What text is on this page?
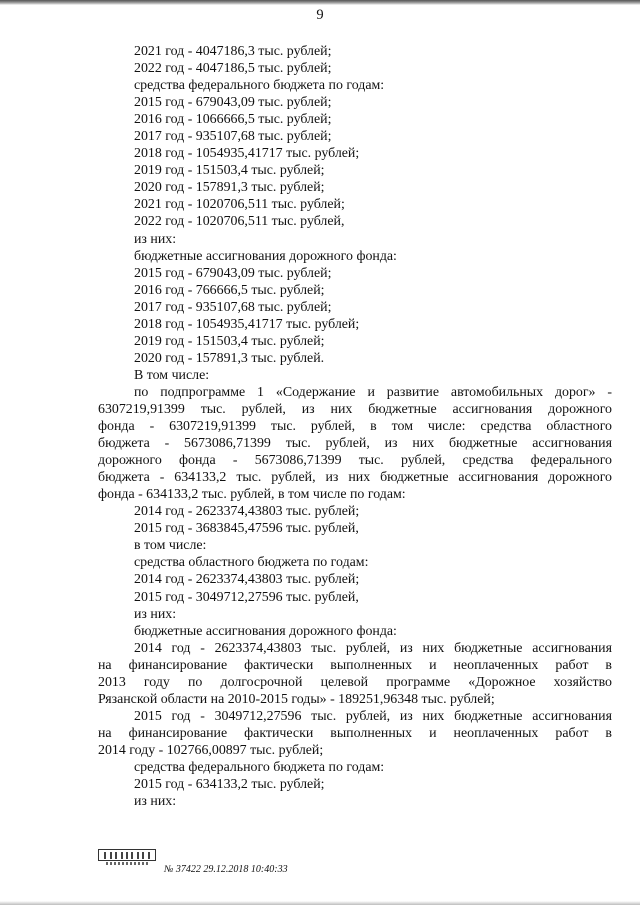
9
2021 год - 4047186,3 тыс. рублей;
2022 год - 4047186,5 тыс. рублей;
средства федерального бюджета по годам:
2015 год - 679043,09 тыс. рублей;
2016 год - 1066666,5 тыс. рублей;
2017 год - 935107,68 тыс. рублей;
2018 год - 1054935,41717 тыс. рублей;
2019 год - 151503,4 тыс. рублей;
2020 год - 157891,3 тыс. рублей;
2021 год - 1020706,511 тыс. рублей;
2022 год - 1020706,511 тыс. рублей,
из них:
бюджетные ассигнования дорожного фонда:
2015 год - 679043,09 тыс. рублей;
2016 год - 766666,5 тыс. рублей;
2017 год - 935107,68 тыс. рублей;
2018 год - 1054935,41717 тыс. рублей;
2019 год - 151503,4 тыс. рублей;
2020 год - 157891,3 тыс. рублей.
В том числе:
по подпрограмме 1 «Содержание и развитие автомобильных дорог» -
6307219,91399 тыс. рублей, из них бюджетные ассигнования дорожного
фонда - 6307219,91399 тыс. рублей, в том числе: средства областного
бюджета - 5673086,71399 тыс. рублей, из них бюджетные ассигнования
дорожного фонда - 5673086,71399 тыс. рублей, средства федерального
бюджета - 634133,2 тыс. рублей, из них бюджетные ассигнования дорожного
фонда - 634133,2 тыс. рублей, в том числе по годам:
2014 год - 2623374,43803 тыс. рублей;
2015 год - 3683845,47596 тыс. рублей,
в том числе:
средства областного бюджета по годам:
2014 год - 2623374,43803 тыс. рублей;
2015 год - 3049712,27596 тыс. рублей,
из них:
бюджетные ассигнования дорожного фонда:
2014 год - 2623374,43803 тыс. рублей, из них бюджетные ассигнования
на финансирование фактически выполненных и неоплаченных работ в
2013 году по долгосрочной целевой программе «Дорожное хозяйство
Рязанской области на 2010-2015 годы» - 189251,96348 тыс. рублей;
2015 год - 3049712,27596 тыс. рублей, из них бюджетные ассигнования
на финансирование фактически выполненных и неоплаченных работ в
2014 году - 102766,00897 тыс. рублей;
средства федерального бюджета по годам:
2015 год - 634133,2 тыс. рублей;
из них:
№ 37422 29.12.2018 10:40:33
